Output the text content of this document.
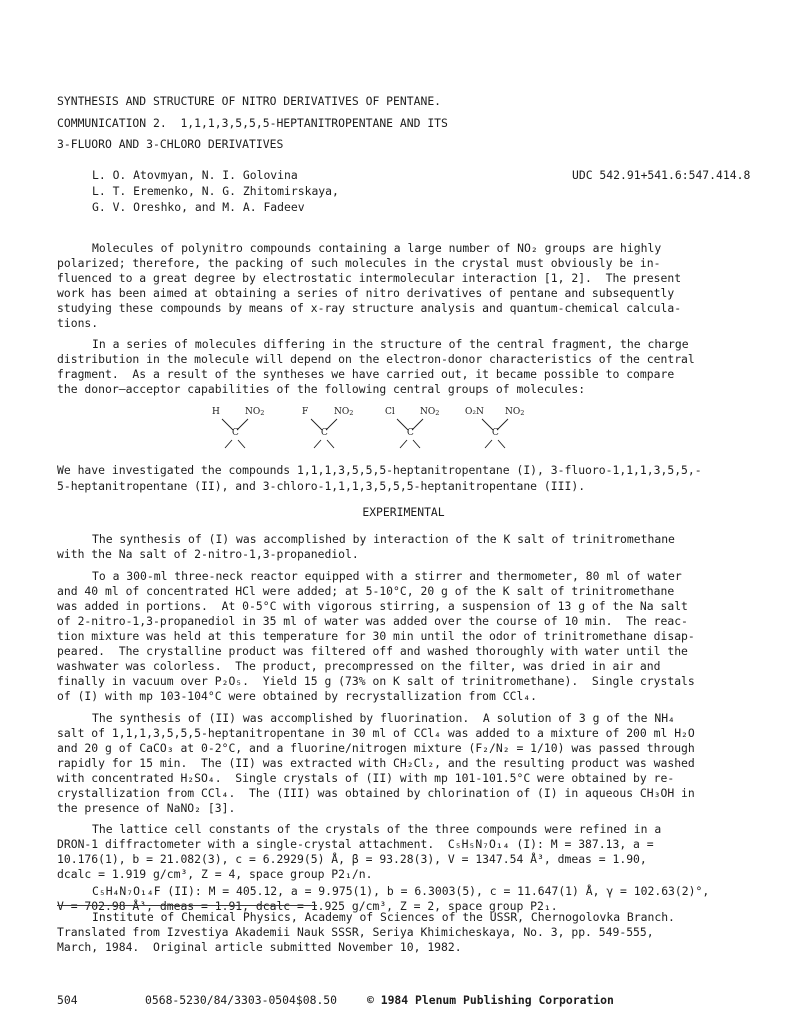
SYNTHESIS AND STRUCTURE OF NITRO DERIVATIVES OF PENTANE.
COMMUNICATION 2.  1,1,1,3,5,5,5-HEPTANITROPENTANE AND ITS
3-FLUORO AND 3-CHLORO DERIVATIVES
L. O. Atovmyan, N. I. Golovina
L. T. Eremenko, N. G. Zhitomirskaya,
G. V. Oreshko, and M. A. Fadeev
UDC 542.91+541.6:547.414.8
Molecules of polynitro compounds containing a large number of NO₂ groups are highly
polarized; therefore, the packing of such molecules in the crystal must obviously be in-
fluenced to a great degree by electrostatic intermolecular interaction [1, 2].  The present
work has been aimed at obtaining a series of nitro derivatives of pentane and subsequently
studying these compounds by means of x-ray structure analysis and quantum-chemical calcula-
tions.
In a series of molecules differing in the structure of the central fragment, the charge
distribution in the molecule will depend on the electron-donor characteristics of the central
fragment.  As a result of the syntheses we have carried out, it became possible to compare
the donor—acceptor capabilities of the following central groups of molecules:
H	NO2
C
F	NO2
C
Cl	NO2
C
O₂N NO2
C
We have investigated the compounds 1,1,1,3,5,5,5-heptanitropentane (I), 3-fluoro-1,1,1,3,5,5,-
5-heptanitropentane (II), and 3-chloro-1,1,1,3,5,5,5-heptanitropentane (III).
EXPERIMENTAL
The synthesis of (I) was accomplished by interaction of the K salt of trinitromethane
with the Na salt of 2-nitro-1,3-propanediol.
To a 300-ml three-neck reactor equipped with a stirrer and thermometer, 80 ml of water
and 40 ml of concentrated HCl were added; at 5-10°C, 20 g of the K salt of trinitromethane
was added in portions.  At 0-5°C with vigorous stirring, a suspension of 13 g of the Na salt
of 2-nitro-1,3-propanediol in 35 ml of water was added over the course of 10 min.  The reac-
tion mixture was held at this temperature for 30 min until the odor of trinitromethane disap-
peared.  The crystalline product was filtered off and washed thoroughly with water until the
washwater was colorless.  The product, precompressed on the filter, was dried in air and
finally in vacuum over P₂O₅.  Yield 15 g (73% on K salt of trinitromethane).  Single crystals
of (I) with mp 103-104°C were obtained by recrystallization from CCl₄.
The synthesis of (II) was accomplished by fluorination.  A solution of 3 g of the NH₄
salt of 1,1,1,3,5,5,5-heptanitropentane in 30 ml of CCl₄ was added to a mixture of 200 ml H₂O
and 20 g of CaCO₃ at 0-2°C, and a fluorine/nitrogen mixture (F₂/N₂ = 1/10) was passed through
rapidly for 15 min.  The (II) was extracted with CH₂Cl₂, and the resulting product was washed
with concentrated H₂SO₄.  Single crystals of (II) with mp 101-101.5°C were obtained by re-
crystallization from CCl₄.  The (III) was obtained by chlorination of (I) in aqueous CH₃OH in
the presence of NaNO₂ [3].
The lattice cell constants of the crystals of the three compounds were refined in a
DRON-1 diffractometer with a single-crystal attachment.  C₅H₅N₇O₁₄ (I): M = 387.13, a =
10.176(1), b = 21.082(3), c = 6.2929(5) Å, β = 93.28(3), V = 1347.54 Å³, dmeas = 1.90,
dcalc = 1.919 g/cm³, Z = 4, space group P2₁/n.
C₅H₄N₇O₁₄F (II): M = 405.12, a = 9.975(1), b = 6.3003(5), c = 11.647(1) Å, γ = 102.63(2)°,
V = 702.98 Å³, dmeas = 1.91, dcalc = 1.925 g/cm³, Z = 2, space group P2₁.
Institute of Chemical Physics, Academy of Sciences of the USSR, Chernogolovka Branch.
Translated from Izvestiya Akademii Nauk SSSR, Seriya Khimicheskaya, No. 3, pp. 549-555,
March, 1984.  Original article submitted November 10, 1982.
504	0568-5230/84/3303-0504$08.50	© 1984 Plenum Publishing Corporation
